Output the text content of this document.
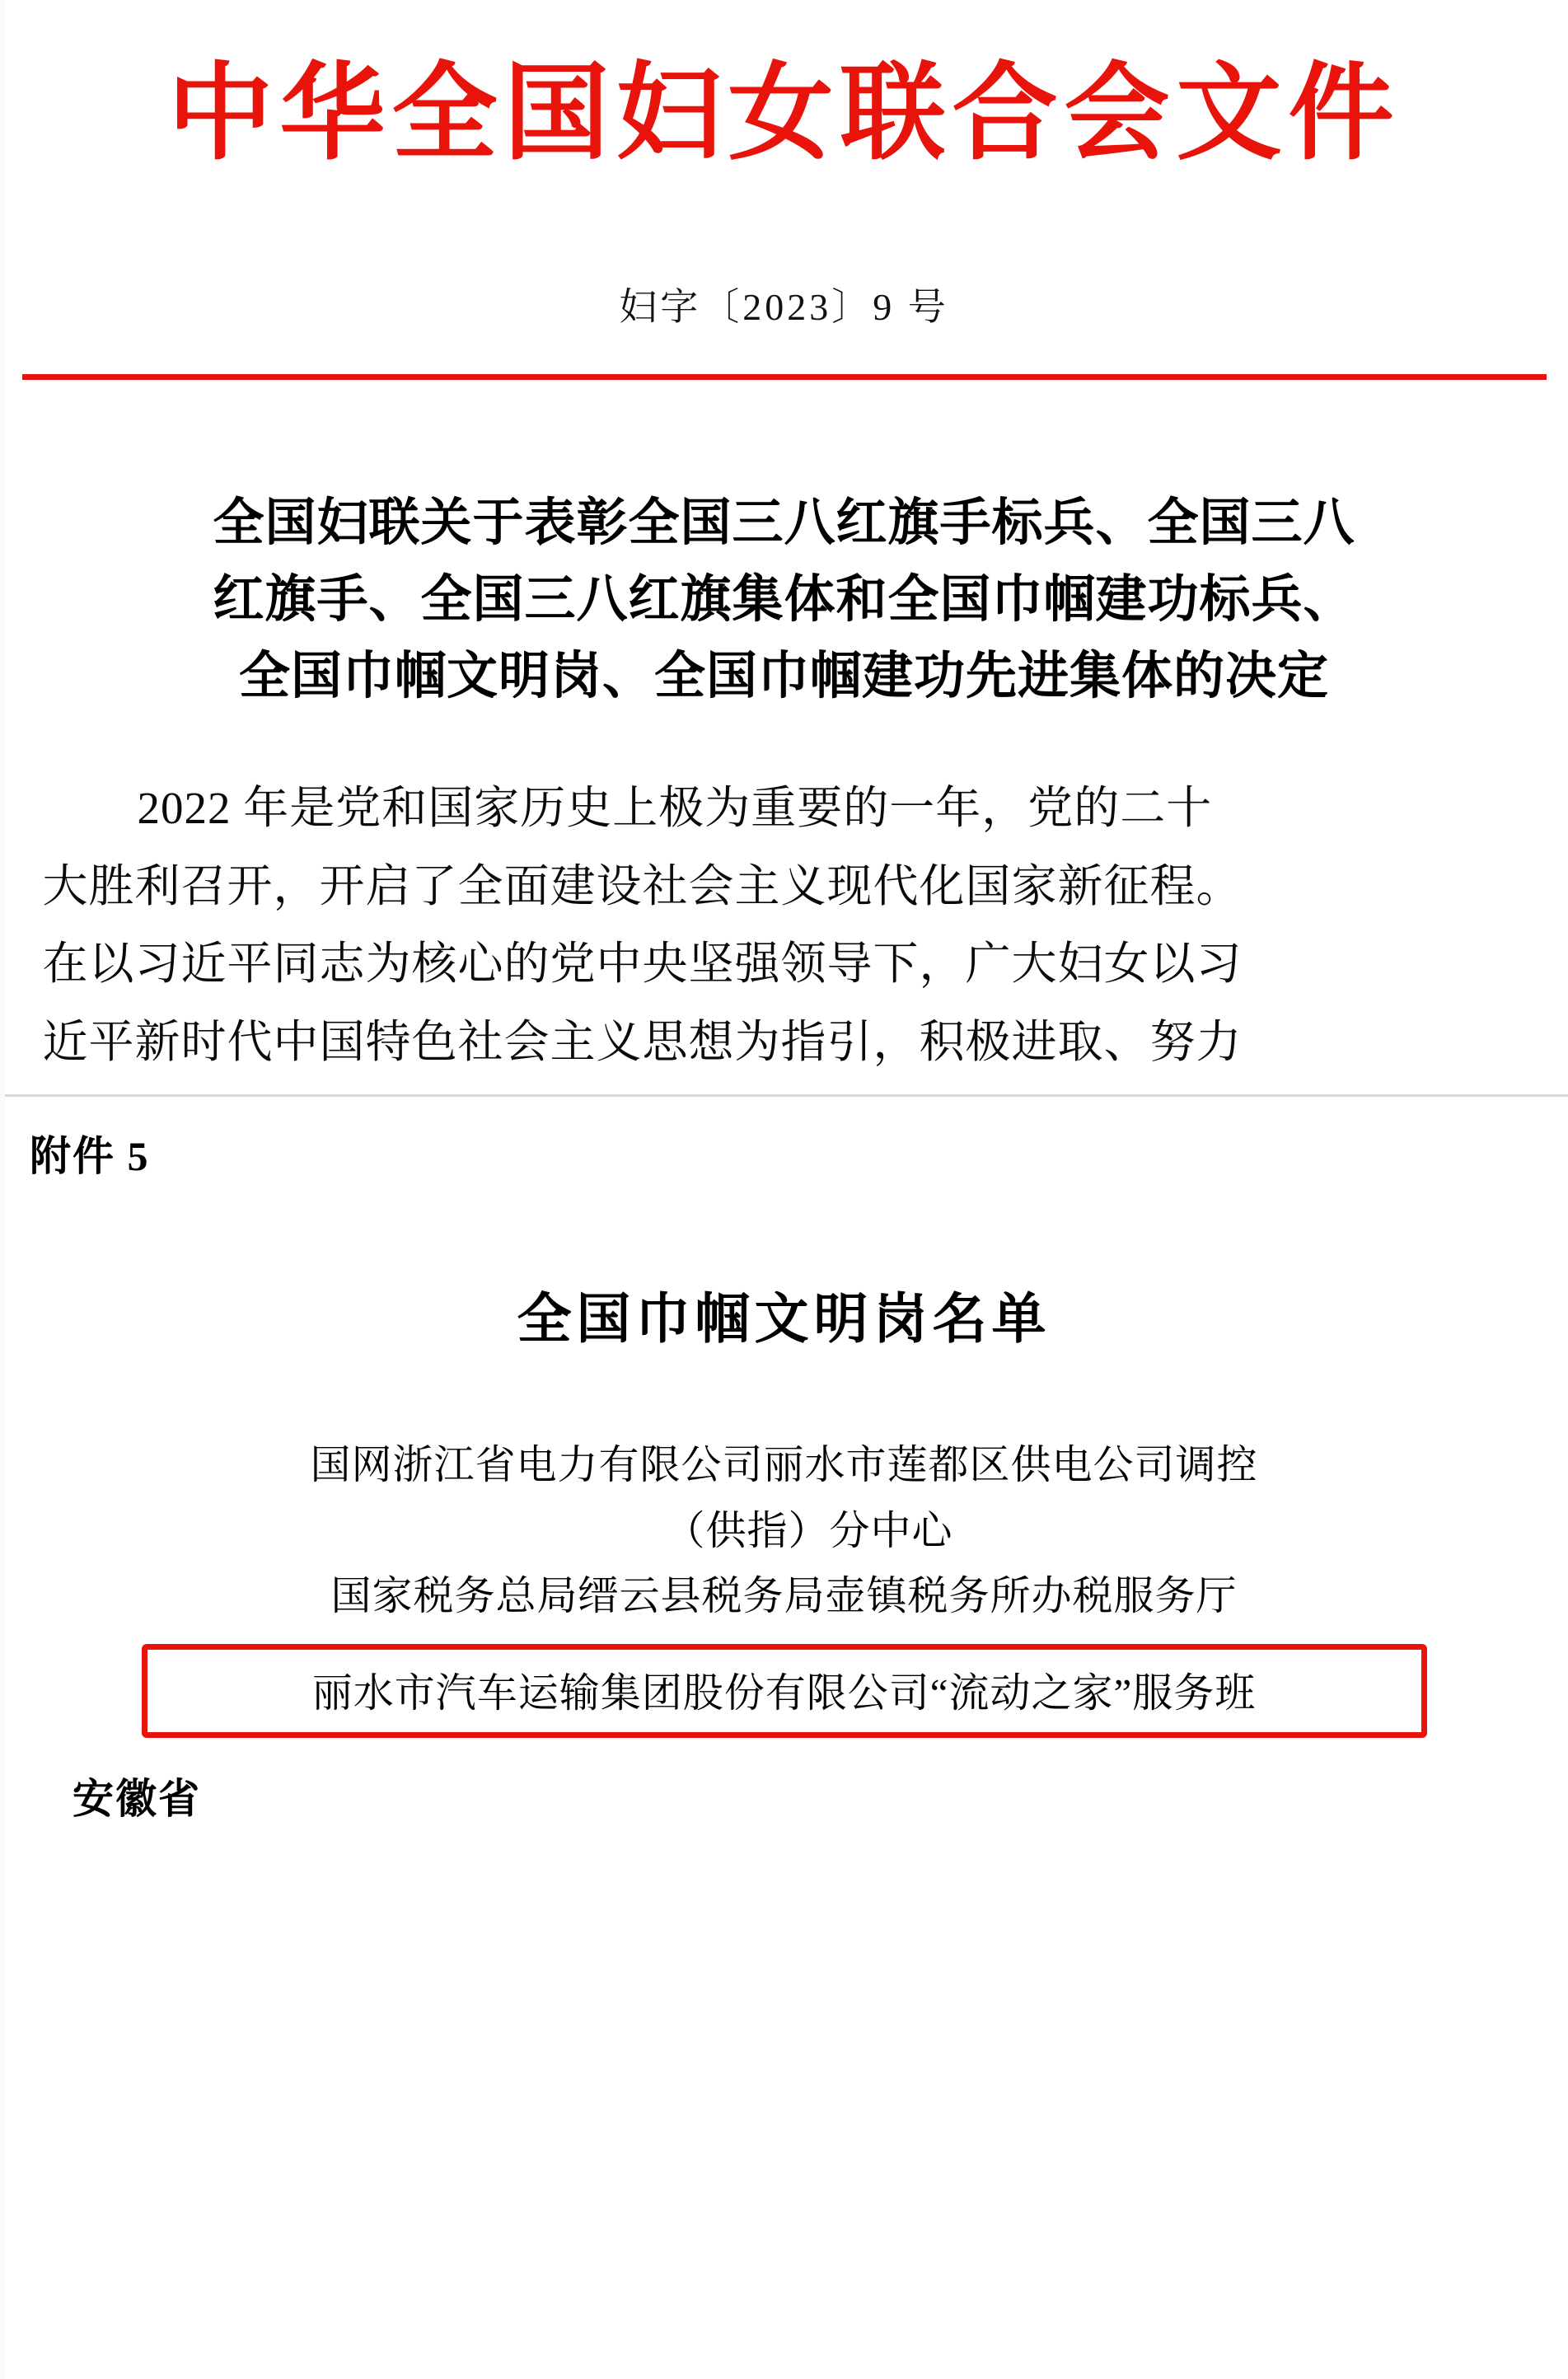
中华全国妇女联合会文件
妇字〔2023〕9 号
全国妇联关于表彰全国三八红旗手标兵、全国三八
红旗手、全国三八红旗集体和全国巾帼建功标兵、
全国巾帼文明岗、全国巾帼建功先进集体的决定
2022 年是党和国家历史上极为重要的一年，党的二十
大胜利召开，开启了全面建设社会主义现代化国家新征程。
在以习近平同志为核心的党中央坚强领导下，广大妇女以习
近平新时代中国特色社会主义思想为指引，积极进取、努力
附件 5
全国巾帼文明岗名单
国网浙江省电力有限公司丽水市莲都区供电公司调控
（供指）分中心
国家税务总局缙云县税务局壶镇税务所办税服务厅
丽水市汽车运输集团股份有限公司“流动之家”服务班
安徽省
